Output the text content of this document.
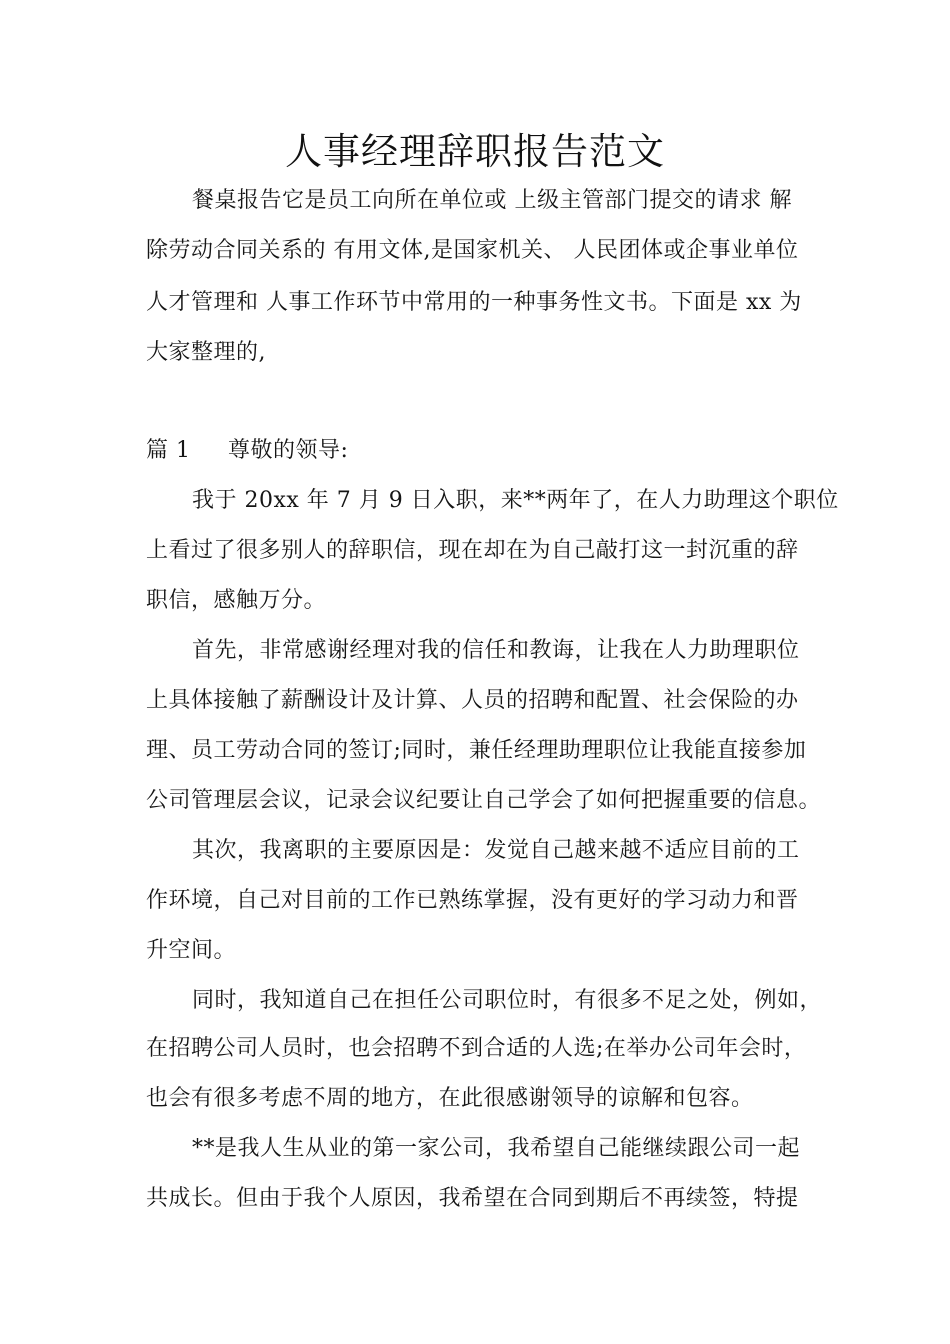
人事经理辞职报告范文
餐桌报告它是员工向所在单位或 上级主管部门提交的请求 解
除劳动合同关系的 有用文体,是国家机关、 人民团体或企事业单位
人才管理和 人事工作环节中常用的一种事务性文书。下面是 xx 为
大家整理的,
篇 1 尊敬的领导:
我于 20xx 年 7 月 9 日入职，来**两年了，在人力助理这个职位
上看过了很多别人的辞职信，现在却在为自己敲打这一封沉重的辞
职信，感触万分。
首先，非常感谢经理对我的信任和教诲，让我在人力助理职位
上具体接触了薪酬设计及计算、人员的招聘和配置、社会保险的办
理、员工劳动合同的签订;同时，兼任经理助理职位让我能直接参加
公司管理层会议，记录会议纪要让自己学会了如何把握重要的信息。
其次，我离职的主要原因是：发觉自己越来越不适应目前的工
作环境，自己对目前的工作已熟练掌握，没有更好的学习动力和晋
升空间。
同时，我知道自己在担任公司职位时，有很多不足之处，例如，
在招聘公司人员时，也会招聘不到合适的人选;在举办公司年会时，
也会有很多考虑不周的地方，在此很感谢领导的谅解和包容。
**是我人生从业的第一家公司，我希望自己能继续跟公司一起
共成长。但由于我个人原因，我希望在合同到期后不再续签，特提
